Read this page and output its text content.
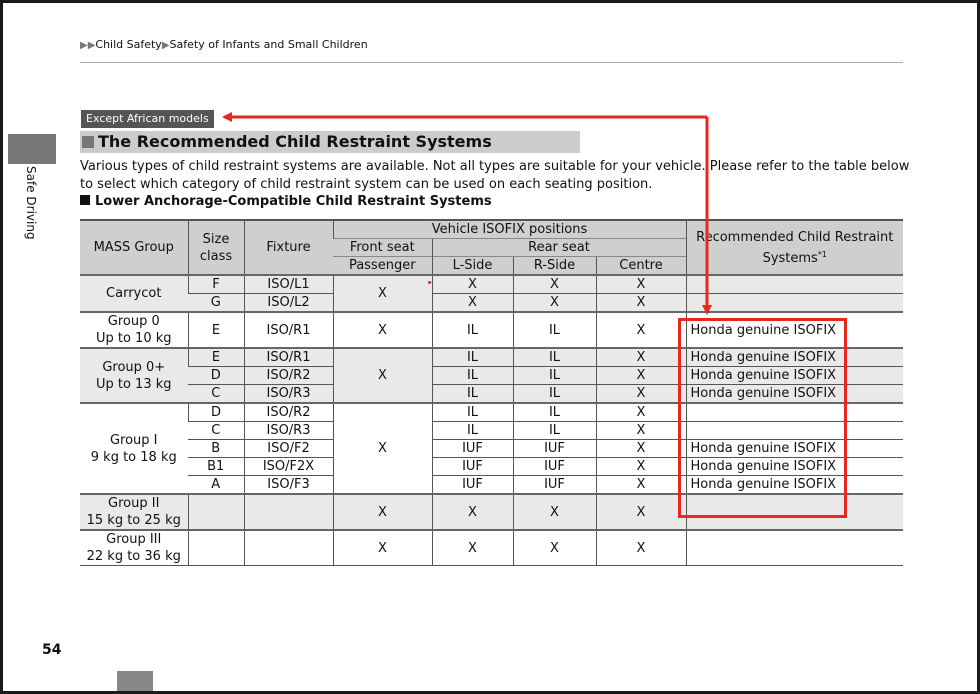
▶▶Child Safety▶Safety of Infants and Small Children
Safe Driving
54
Except African models
The Recommended Child Restraint Systems
Various types of child restraint systems are available. Not all types are suitable for your vehicle. Please refer to the table below to select which category of child restraint system can be used on each seating position.
Lower Anchorage-Compatible Child Restraint Systems
MASS Group	Size class	Fixture	Vehicle ISOFIX positions				Recommended Child Restraint Systems$^{*1}$
			Front seat	Rear seat			
			Passenger	L-Side	R-Side	Centre	
Carrycot	F	ISO/L1	X	X	X	X	
	G	ISO/L2		X	X	X	
Group 0
Up to 10 kg	E	ISO/R1	X	IL	IL	X	Honda genuine ISOFIX
Group 0+
Up to 13 kg	E	ISO/R1	X	IL	IL	X	Honda genuine ISOFIX
	D	ISO/R2		IL	IL	X	Honda genuine ISOFIX
	C	ISO/R3		IL	IL	X	Honda genuine ISOFIX
Group I
9 kg to 18 kg	D	ISO/R2	X	IL	IL	X	
	C	ISO/R3		IL	IL	X	
	B	ISO/F2		IUF	IUF	X	Honda genuine ISOFIX
	B1	ISO/F2X		IUF	IUF	X	Honda genuine ISOFIX
	A	ISO/F3		IUF	IUF	X	Honda genuine ISOFIX
Group II
15 kg to 25 kg			X	X	X	X	
Group III
22 kg to 36 kg			X	X	X	X	
